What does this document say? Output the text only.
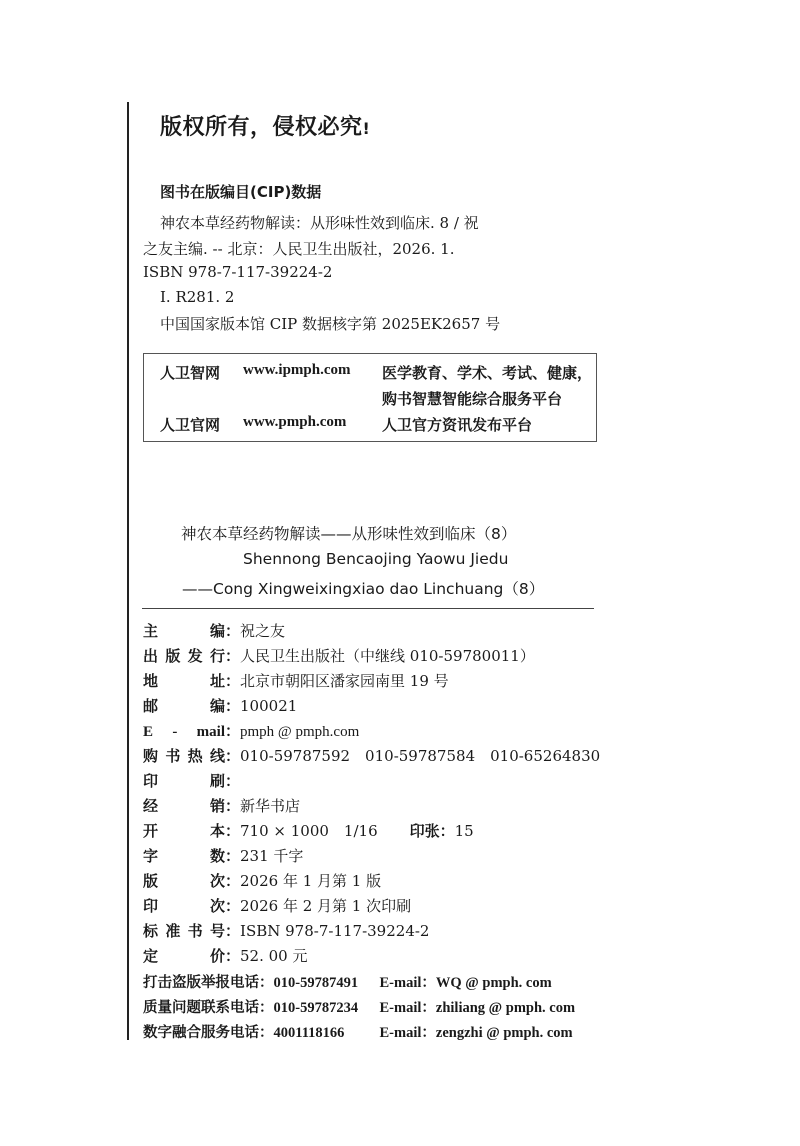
版权所有，侵权必究!
图书在版编目(CIP)数据
神农本草经药物解读：从形味性效到临床. 8 / 祝
之友主编. -- 北京：人民卫生出版社，2026. 1.
ISBN 978-7-117-39224-2
Ⅰ. R281. 2
中国国家版本馆 CIP 数据核字第 2025EK2657 号
人卫智网 www.ipmph.com 医学教育、学术、考试、健康，
购书智慧智能综合服务平台
人卫官网 www.pmph.com 人卫官方资讯发布平台
神农本草经药物解读——从形味性效到临床（8）
Shennong Bencaojing Yaowu Jiedu
——Cong Xingweixingxiao dao Linchuang（8）
主　编：祝之友
出版发行：人民卫生出版社（中继线 010-59780011）
地　址：北京市朝阳区潘家园南里 19 号
邮　编：100021
E - mail：pmph @ pmph.com
购书热线：010-59787592　010-59787584　010-65264830
印　刷：
经　销：新华书店
开　本：710 × 1000　1/16 印张：15
字　数：231 千字
版　次：2026 年 1 月第 1 版
印　次：2026 年 2 月第 1 次印刷
标准书号：ISBN 978-7-117-39224-2
定　价：52. 00 元
打击盗版举报电话：010-59787491 E-mail：WQ @ pmph. com
质量问题联系电话：010-59787234 E-mail：zhiliang @ pmph. com
数字融合服务电话：4001118166 E-mail：zengzhi @ pmph. com
